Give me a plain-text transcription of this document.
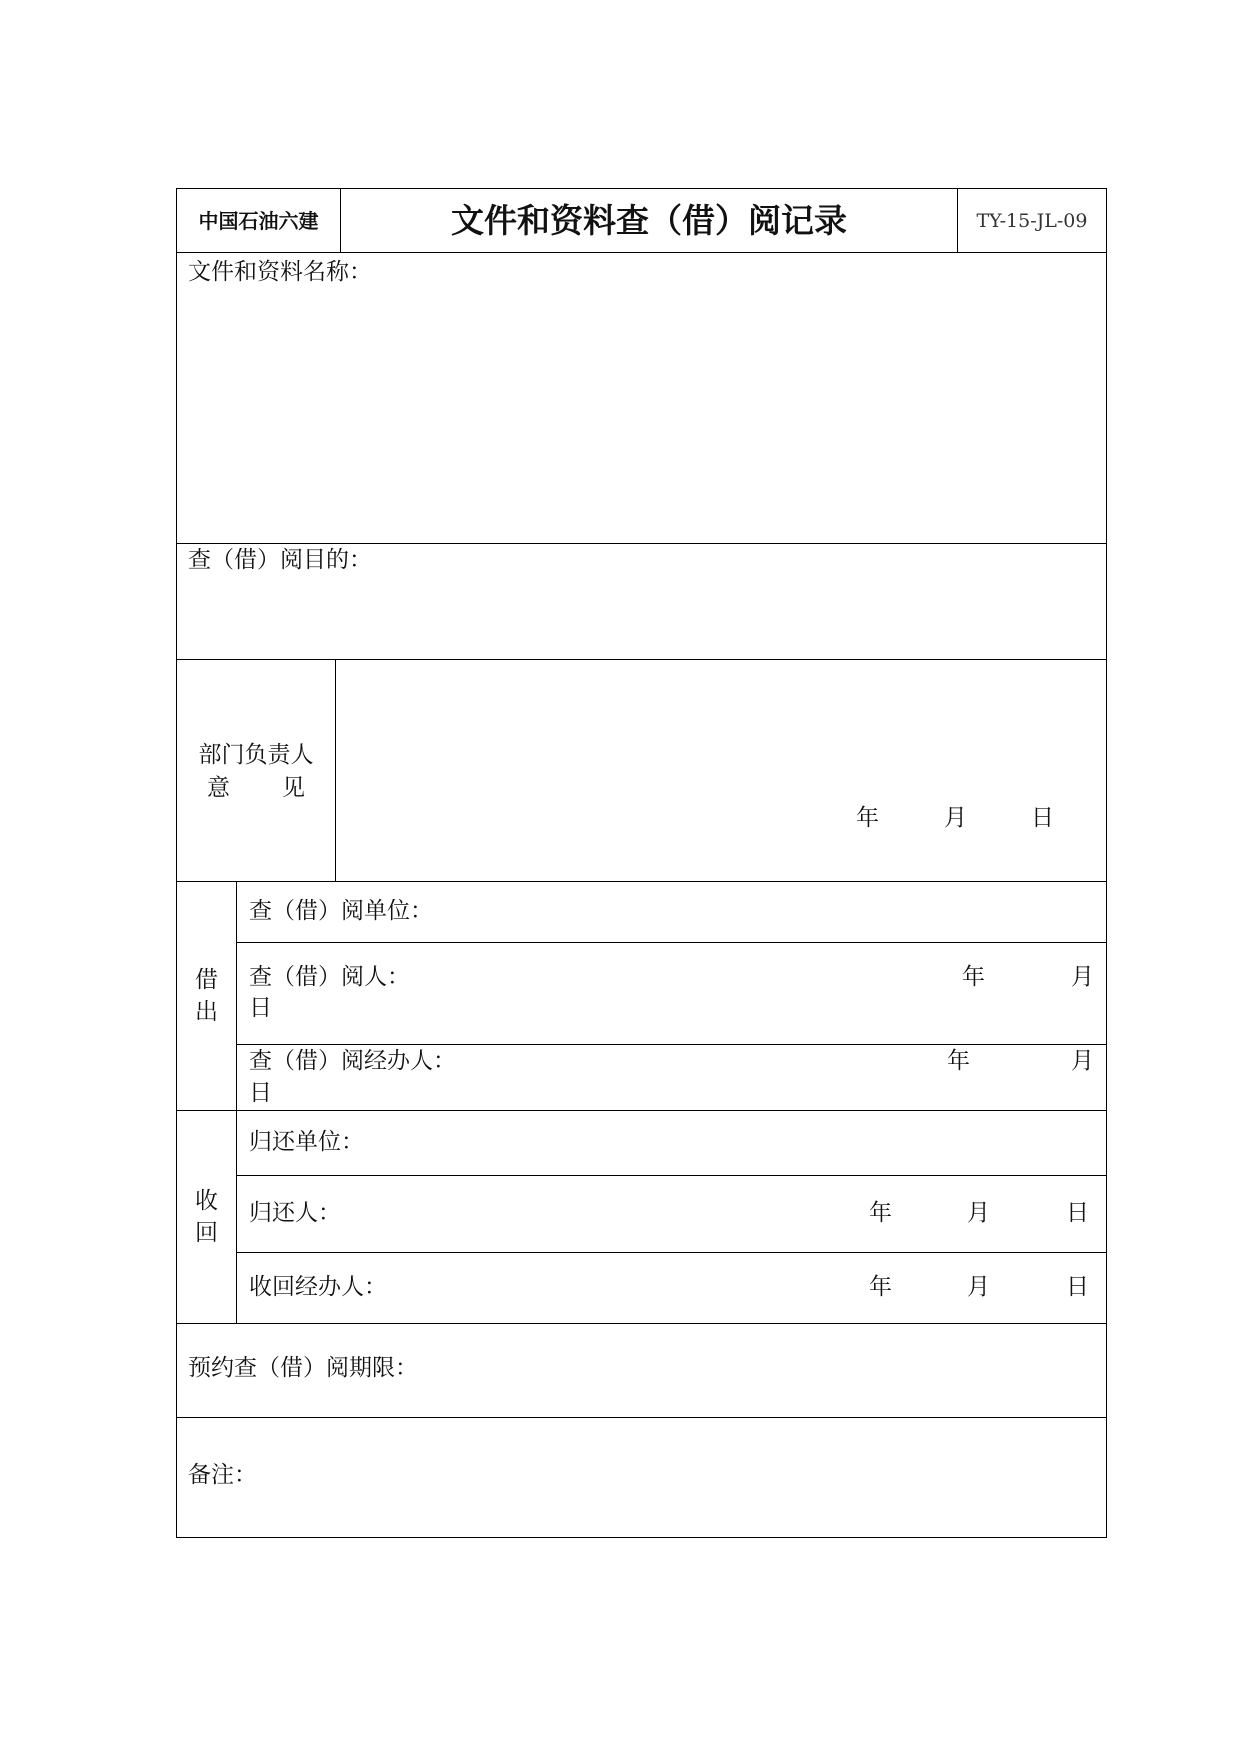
中国石油六建	文件和资料查（借）阅记录	TY-15-JL-09
文件和资料名称：
查（借）阅目的：
部门负责人
意 见
年	月	日
借
出
查（借）阅单位：
查（借）阅人：	年	月
日
查（借）阅经办人：	年	月
日
收
回
归还单位：
归还人：	年	月	日
收回经办人：	年	月	日
预约查（借）阅期限：
备注：
